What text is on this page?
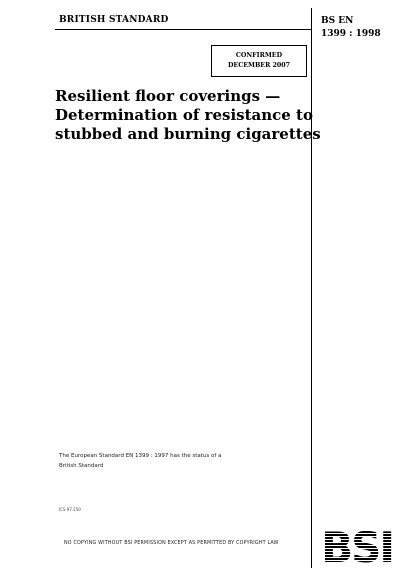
BRITISH STANDARD	BS EN
1399 : 1998
CONFIRMED
DECEMBER 2007
Resilient floor coverings —
Determination of resistance to
stubbed and burning cigarettes
The European Standard EN 1399 : 1997 has the status of a
British Standard
ICS 97.150
NO COPYING WITHOUT BSI PERMISSION EXCEPT AS PERMITTED BY COPYRIGHT LAW BSI
